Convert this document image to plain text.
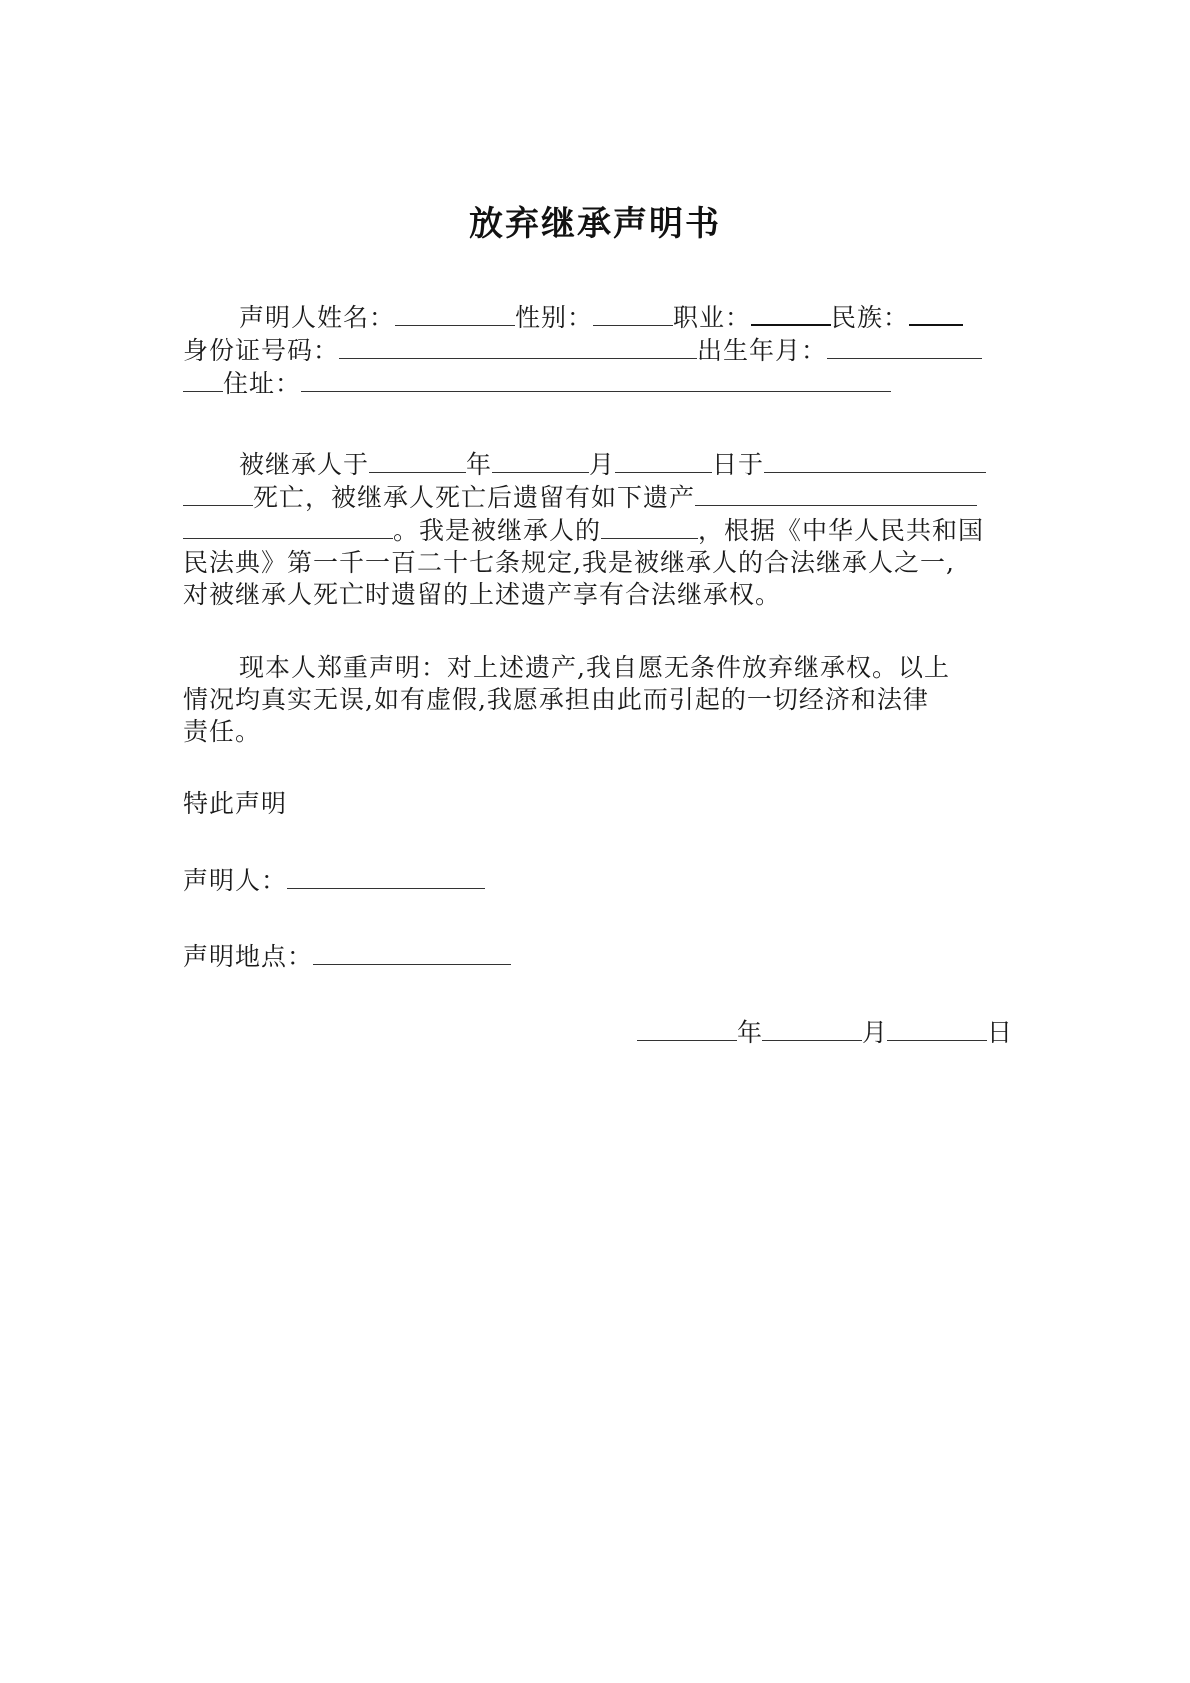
放弃继承声明书
声明人姓名：	性别：	职业：	民族：
身份证号码：	出生年月：
住址：
被继承人于	年	月	日于
死亡，被继承人死亡后遗留有如下遗产
。我是被继承人的	，根据《中华人民共和国
民法典》第一千一百二十七条规定,我是被继承人的合法继承人之一,
对被继承人死亡时遗留的上述遗产享有合法继承权。
现本人郑重声明：对上述遗产,我自愿无条件放弃继承权。以上
情况均真实无误,如有虚假,我愿承担由此而引起的一切经济和法律
责任。
特此声明
声明人：
声明地点：
年	月	日
